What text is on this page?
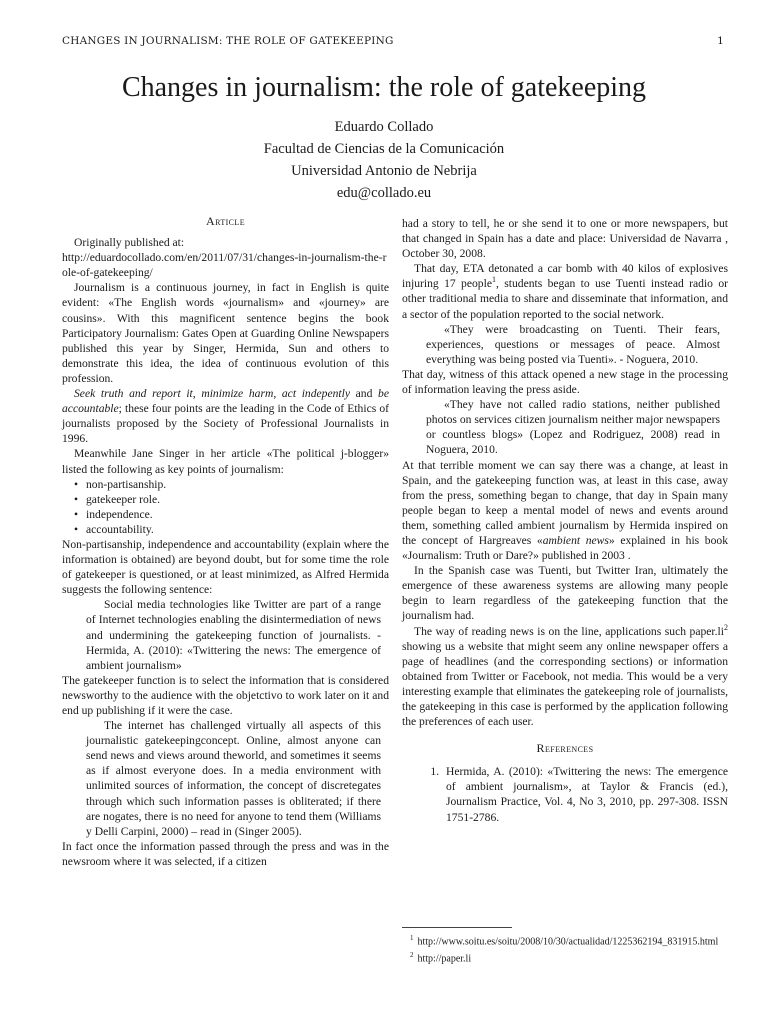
CHANGES IN JOURNALISM: THE ROLE OF GATEKEEPING	1
Changes in journalism: the role of gatekeeping

Eduardo Collado

Facultad de Ciencias de la Comunicación

Universidad Antonio de Nebrija

edu@collado.eu

Article

Originally published at:

http://eduardocollado.com/en/2011/07/31/changes-in-journalism-the-role-of-gatekeeping/

Journalism is a continuous journey, in fact in English is quite evident: «The English words «journalism» and «journey» are cousins». With this magnificent sentence begins the book Participatory Journalism: Gates Open at Guarding Online Newspapers published this year by Singer, Hermida, Sun and others to demonstrate this idea, the idea of continuous evolution of this profession.

Seek truth and report it, minimize harm, act indepently and be accountable; these four points are the leading in the Code of Ethics of journalists proposed by the Society of Professional Journalists in 1996.

Meanwhile Jane Singer in her article «The political j-blogger» listed the following as key points of journalism:

• non-partisanship.
• gatekeeper role.
• independence.
• accountability.

Non-partisanship, independence and accountability (explain where the information is obtained) are beyond doubt, but for some time the role of gatekeeper is questioned, or at least minimized, as Alfred Hermida suggests the following sentence:

Social media technologies like Twitter are part of a range of Internet technologies enabling the disintermediation of news and undermining the gatekeeping function of journalists. - Hermida, A. (2010): «Twittering the news: The emergence of ambient journalism»

The gatekeeper function is to select the information that is considered newsworthy to the audience with the objetctivo to work later on it and end up publishing if it were the case.

The internet has challenged virtually all aspects of this journalistic gatekeepingconcept. Online, almost anyone can send news and views around theworld, and sometimes it seems as if almost everyone does. In a media environment with unlimited sources of information, the concept of discretegates through which such information passes is obliterated; if there are nogates, there is no need for anyone to tend them (Williams y Delli Carpini, 2000) – read in (Singer 2005).

In fact once the information passed through the press and was in the newsroom where it was selected, if a citizen

had a story to tell, he or she send it to one or more newspapers, but that changed in Spain has a date and place: Universidad de Navarra , October 30, 2008.

That day, ETA detonated a car bomb with 40 kilos of explosives injuring 17 people$^1$, students began to use Tuenti instead radio or other traditional media to share and disseminate that information, and a sector of the population reported to the social network.

«They were broadcasting on Tuenti. Their fears, experiences, questions or messages of peace. Almost everything was being posted via Tuenti». - Noguera, 2010.

That day, witness of this attack opened a new stage in the processing of information leaving the press aside.

«They have not called radio stations, neither published photos on services citizen journalism neither major newspapers or countless blogs» (Lopez and Rodriguez, 2008) read in Noguera, 2010.

At that terrible moment we can say there was a change, at least in Spain, and the gatekeeping function was, at least in this case, away from the press, something began to change, that day in Spain many people began to keep a mental model of news and events around them, something called ambient journalism by Hermida inspired on the concept of Hargreaves «ambient news» explained in his book «Journalism: Truth or Dare?» published in 2003 .

In the Spanish case was Tuenti, but Twitter Iran, ultimately the emergence of these awareness systems are allowing many people begin to learn regardless of the gatekeeping function that the journalism had.

The way of reading news is on the line, applications such $paper.li^2$ showing us a website that might seem any online newspaper offers a page of headlines (and the corresponding sections) or information obtained from Twitter or Facebook, not media. This would be a very interesting example that eliminates the gatekeeping role of journalists, the gatekeeping in this case is performed by the application following the preferences of each user.

References
1. Hermida, A. (2010): «Twittering the news: The emergence of ambient journalism», at Taylor & Francis (ed.), Journalism Practice, Vol. 4, No 3, 2010, pp. 297-308. ISSN 1751-2786.

$^1$ http://www.soitu.es/soitu/2008/10/30/actualidad/1225362194_831915.html

$^2$ http://paper.li
